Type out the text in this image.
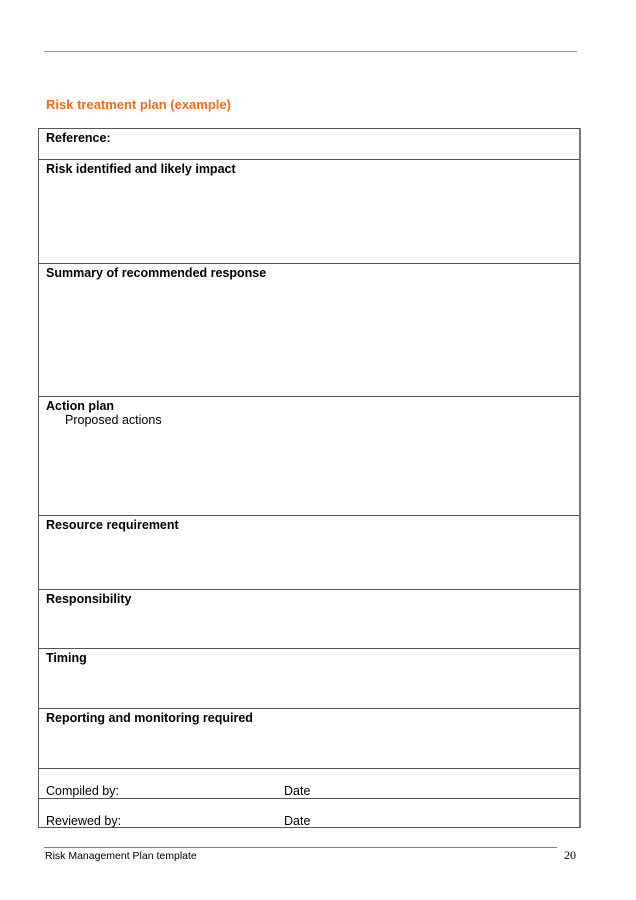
Risk treatment plan (example)
Reference:
Risk identified and likely impact
Summary of recommended response
Action plan
Proposed actions
Resource requirement
Responsibility
Timing
Reporting and monitoring required
Compiled by:	Date
Reviewed by:	Date
Risk Management Plan template	20
